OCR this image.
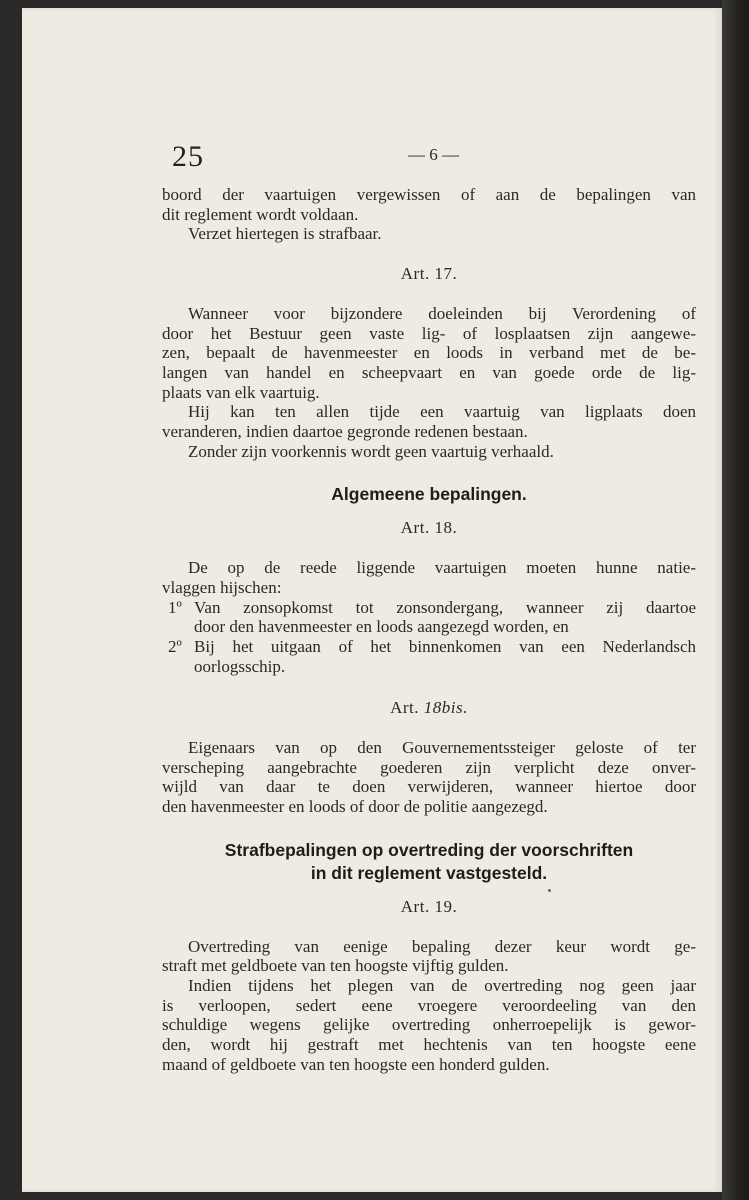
25	— 6 —

boord der vaartuigen vergewissen of aan de bepalingen van
dit reglement wordt voldaan.

Verzet hiertegen is strafbaar.

Art. 17.

Wanneer voor bijzondere doeleinden bij Verordening of
door het Bestuur geen vaste lig- of losplaatsen zijn aangewe-
zen, bepaalt de havenmeester en loods in verband met de be-
langen van handel en scheepvaart en van goede orde de lig-
plaats van elk vaartuig.

Hij kan ten allen tijde een vaartuig van ligplaats doen
veranderen, indien daartoe gegronde redenen bestaan.

Zonder zijn voorkennis wordt geen vaartuig verhaald.

Algemeene bepalingen.
Art. 18.

De op de reede liggende vaartuigen moeten hunne natie-
vlaggen hijschen:

1º Van zonsopkomst tot zonsondergang, wanneer zij daartoe
door den havenmeester en loods aangezegd worden, en
2º Bij het uitgaan of het binnenkomen van een Nederlandsch
oorlogsschip.
Art. 18bis.

Eigenaars van op den Gouvernementssteiger geloste of ter
verscheping aangebrachte goederen zijn verplicht deze onver-
wijld van daar te doen verwijderen, wanneer hiertoe door
den havenmeester en loods of door de politie aangezegd.

Strafbepalingen op overtreding der voorschriften
in dit reglement vastgesteld.
Art. 19.

Overtreding van eenige bepaling dezer keur wordt ge-
straft met geldboete van ten hoogste vijftig gulden.

Indien tijdens het plegen van de overtreding nog geen jaar
is verloopen, sedert eene vroegere veroordeeling van den
schuldige wegens gelijke overtreding onherroepelijk is gewor-
den, wordt hij gestraft met hechtenis van ten hoogste eene
maand of geldboete van ten hoogste een honderd gulden.
